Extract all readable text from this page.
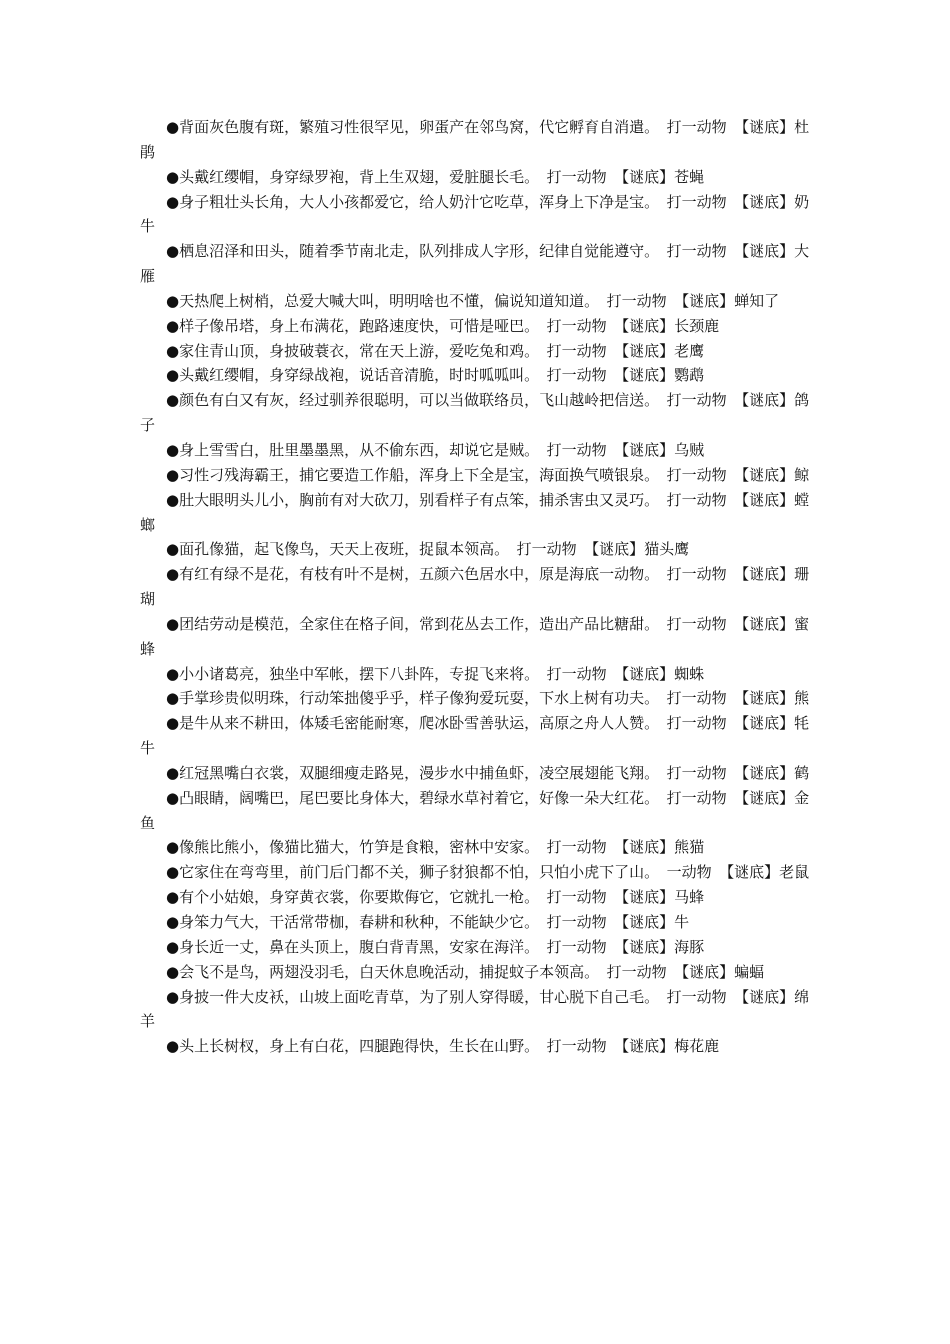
●背面灰色腹有斑，繁殖习性很罕见，卵蛋产在邻鸟窝，代它孵育自消遣。　打一动物　【谜底】杜鹃

●头戴红缨帽，身穿绿罗袍，背上生双翅，爱脏腿长毛。　打一动物　【谜底】苍蝇

●身子粗壮头长角，大人小孩都爱它，给人奶汁它吃草，浑身上下净是宝。　打一动物　【谜底】奶牛

●栖息沼泽和田头，随着季节南北走，队列排成人字形，纪律自觉能遵守。　打一动物　【谜底】大雁

●天热爬上树梢，总爱大喊大叫，明明啥也不懂，偏说知道知道。　打一动物　【谜底】蝉知了

●样子像吊塔，身上布满花，跑路速度快，可惜是哑巴。　打一动物　【谜底】长颈鹿

●家住青山顶，身披破蓑衣，常在天上游，爱吃兔和鸡。　打一动物　【谜底】老鹰

●头戴红缨帽，身穿绿战袍，说话音清脆，时时呱呱叫。　打一动物　【谜底】鹦鹉

●颜色有白又有灰，经过驯养很聪明，可以当做联络员，飞山越岭把信送。　打一动物　【谜底】鸽子

●身上雪雪白，肚里墨墨黑，从不偷东西，却说它是贼。　打一动物　【谜底】乌贼

●习性刁残海霸王，捕它要造工作船，浑身上下全是宝，海面换气喷银泉。　打一动物　【谜底】鲸

●肚大眼明头儿小，胸前有对大砍刀，别看样子有点笨，捕杀害虫又灵巧。　打一动物　【谜底】螳螂

●面孔像猫，起飞像鸟，天天上夜班，捉鼠本领高。　打一动物　【谜底】猫头鹰

●有红有绿不是花，有枝有叶不是树，五颜六色居水中，原是海底一动物。　打一动物　【谜底】珊瑚

●团结劳动是模范，全家住在格子间，常到花丛去工作，造出产品比糖甜。　打一动物　【谜底】蜜蜂

●小小诸葛亮，独坐中军帐，摆下八卦阵，专捉飞来将。　打一动物　【谜底】蜘蛛

●手掌珍贵似明珠，行动笨拙傻乎乎，样子像狗爱玩耍，下水上树有功夫。　打一动物　【谜底】熊

●是牛从来不耕田，体矮毛密能耐寒，爬冰卧雪善驮运，高原之舟人人赞。　打一动物　【谜底】牦牛

●红冠黑嘴白衣裳，双腿细瘦走路晃，漫步水中捕鱼虾，凌空展翅能飞翔。　打一动物　【谜底】鹤

●凸眼睛，阔嘴巴，尾巴要比身体大，碧绿水草衬着它，好像一朵大红花。　打一动物　【谜底】金鱼

●像熊比熊小，像猫比猫大，竹笋是食粮，密林中安家。　打一动物　【谜底】熊猫

●它家住在弯弯里，前门后门都不关，狮子豺狼都不怕，只怕小虎下了山。　一动物　【谜底】老鼠

●有个小姑娘，身穿黄衣裳，你要欺侮它，它就扎一枪。　打一动物　【谜底】马蜂

●身笨力气大，干活常带枷，春耕和秋种，不能缺少它。　打一动物　【谜底】牛

●身长近一丈，鼻在头顶上，腹白背青黑，安家在海洋。　打一动物　【谜底】海豚

●会飞不是鸟，两翅没羽毛，白天休息晚活动，捕捉蚊子本领高。　打一动物　【谜底】蝙蝠

●身披一件大皮袄，山坡上面吃青草，为了别人穿得暖，甘心脱下自己毛。　打一动物　【谜底】绵羊

●头上长树杈，身上有白花，四腿跑得快，生长在山野。　打一动物　【谜底】梅花鹿
